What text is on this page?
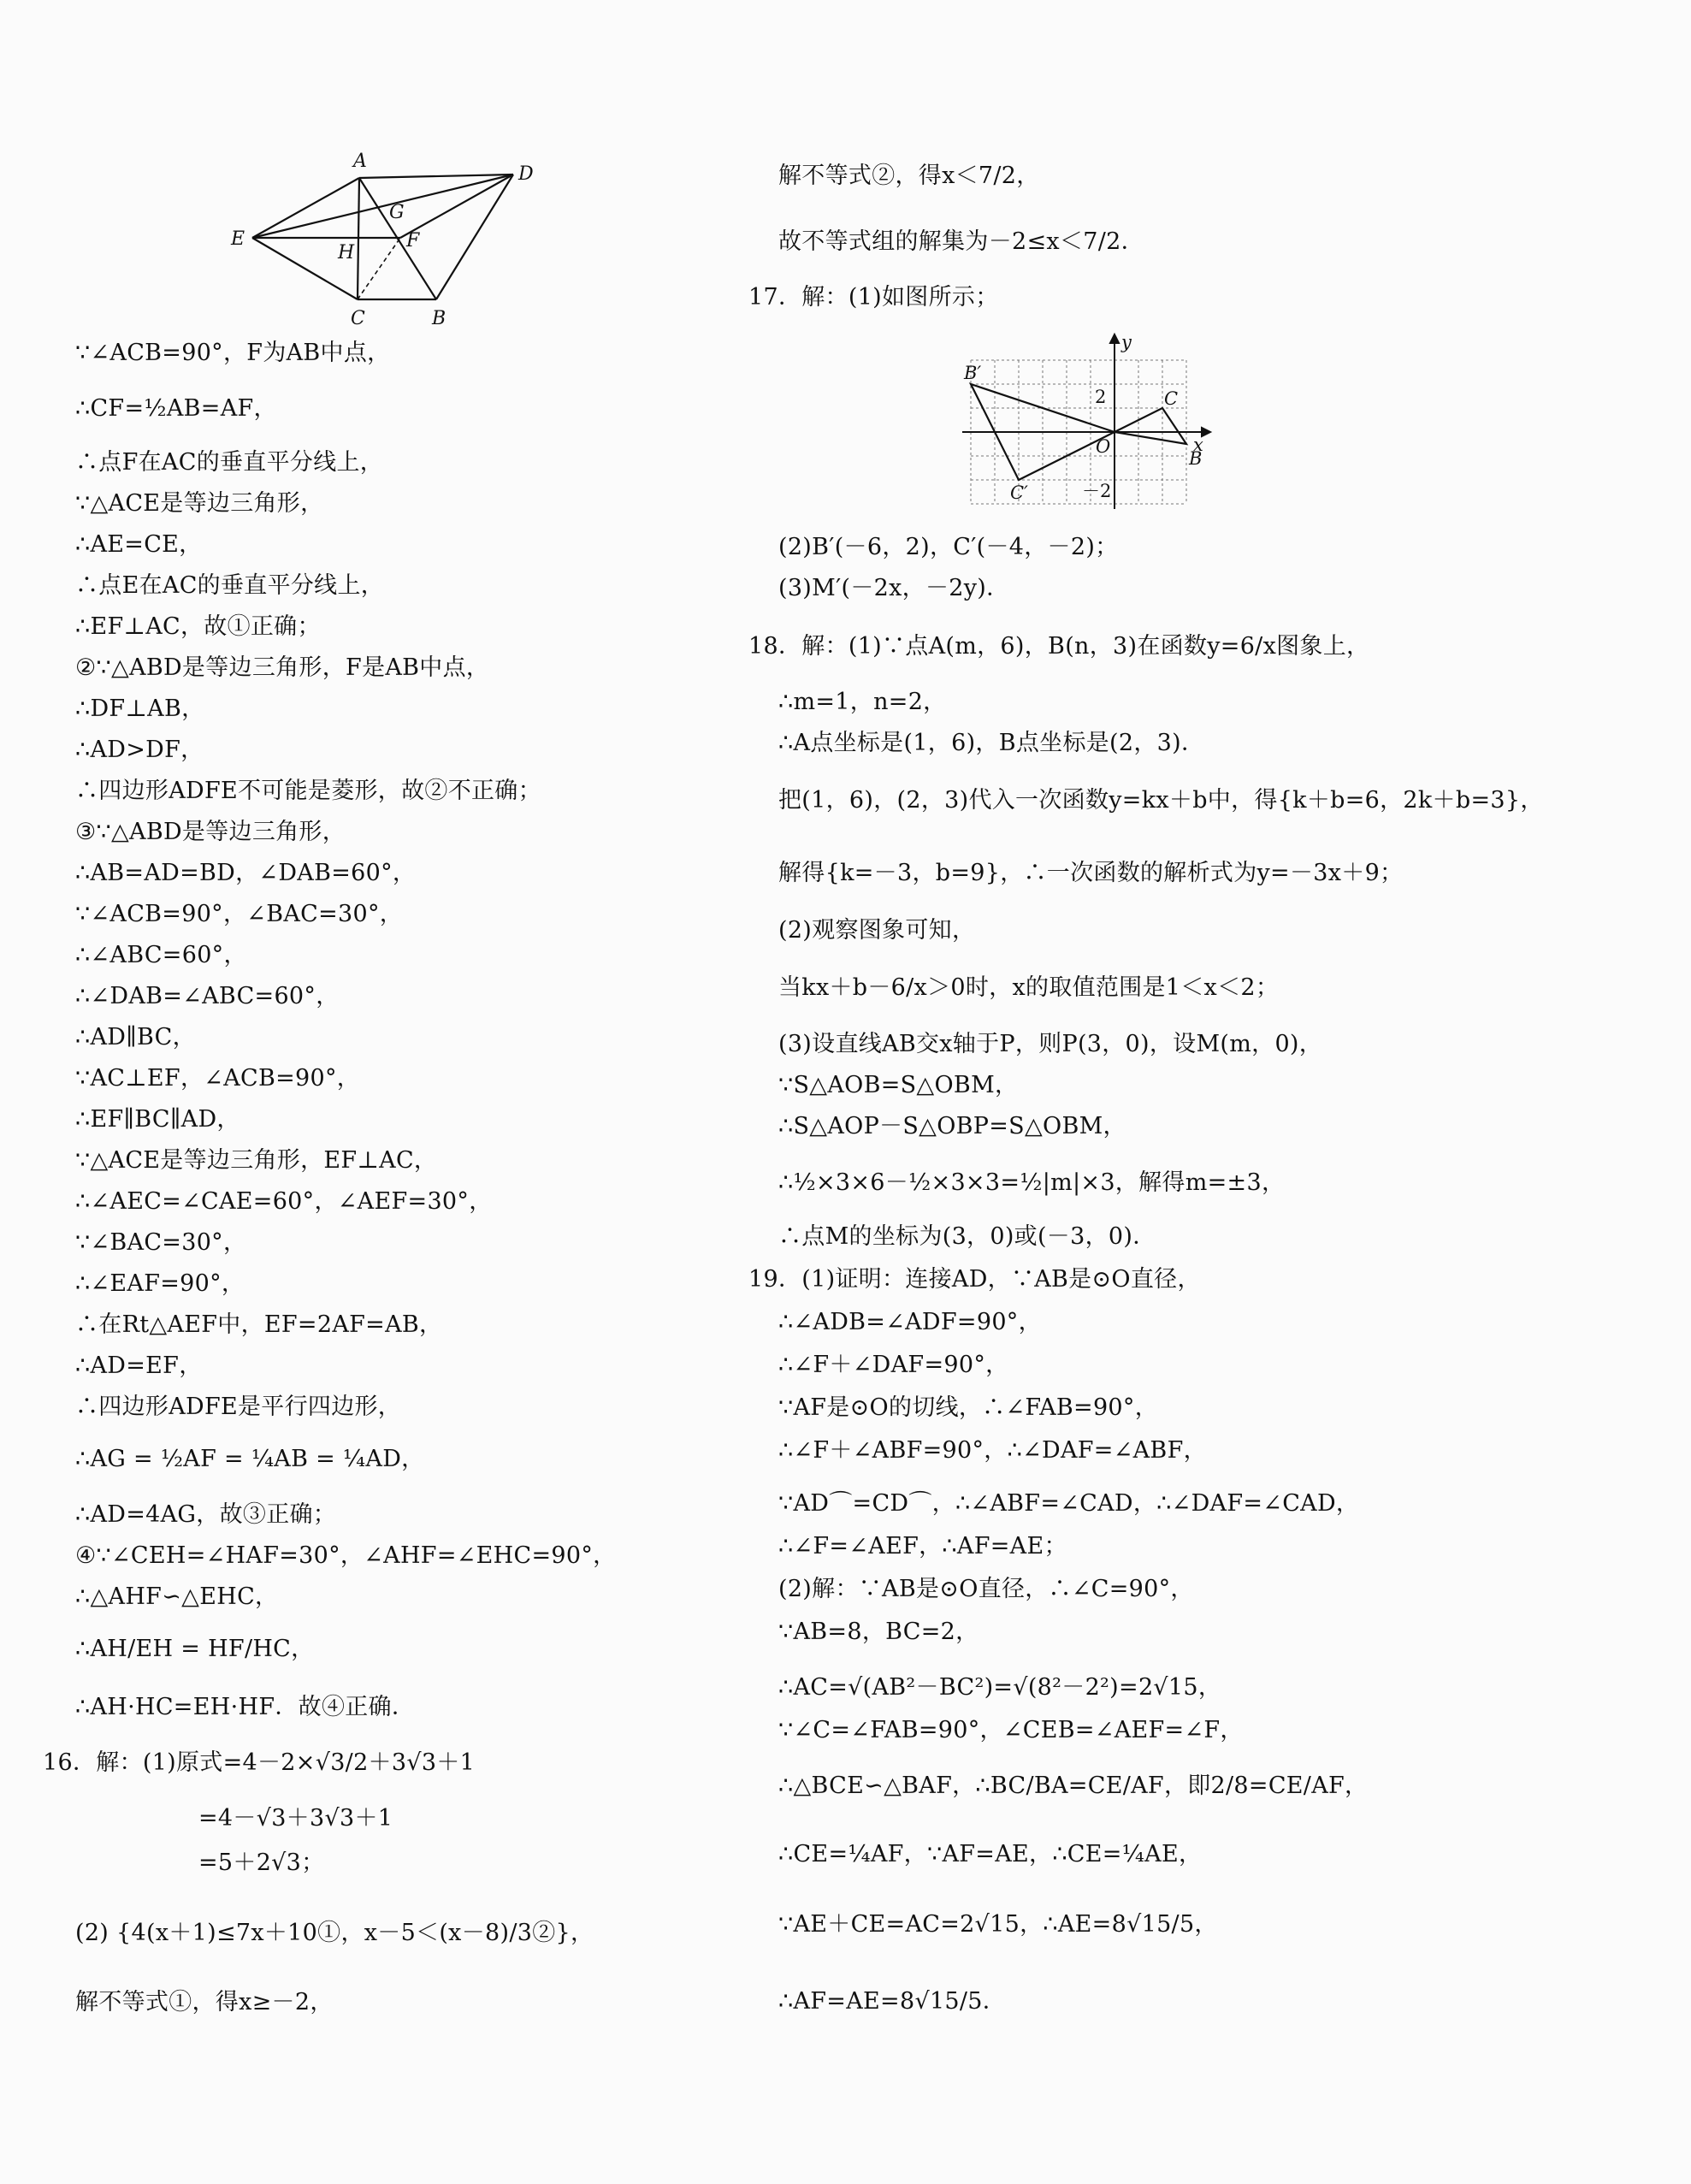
A
D
E
G
H
F
C	B
∵∠ACB=90°，F为AB中点，
∴CF=½AB=AF，
∴点F在AC的垂直平分线上，
∵△ACE是等边三角形，
∴AE=CE，
∴点E在AC的垂直平分线上，
∴EF⊥AC，故①正确；
②∵△ABD是等边三角形，F是AB中点，
∴DF⊥AB，
∴AD>DF，
∴四边形ADFE不可能是菱形，故②不正确；
③∵△ABD是等边三角形，
∴AB=AD=BD，∠DAB=60°，
∵∠ACB=90°，∠BAC=30°，
∴∠ABC=60°，
∴∠DAB=∠ABC=60°，
∴AD∥BC，
∵AC⊥EF，∠ACB=90°，
∴EF∥BC∥AD，
∵△ACE是等边三角形，EF⊥AC，
∴∠AEC=∠CAE=60°，∠AEF=30°，
∵∠BAC=30°，
∴∠EAF=90°，
∴在Rt△AEF中，EF=2AF=AB，
∴AD=EF，
∴四边形ADFE是平行四边形，
∴AG = ½AF = ¼AB = ¼AD，
∴AD=4AG，故③正确；
④∵∠CEH=∠HAF=30°，∠AHF=∠EHC=90°，
∴△AHF∽△EHC，
∴AH/EH = HF/HC，
∴AH·HC=EH·HF．故④正确．
16．解：(1)原式=4－2×√3/2＋3√3＋1
=4－√3＋3√3＋1
=5＋2√3；
(2) {4(x＋1)≤7x＋10①，x－5＜(x－8)/3②}，
解不等式①，得x≥－2，
解不等式②，得x＜7/2，
故不等式组的解集为－2≤x＜7/2．
17．解：(1)如图所示；
(2)B′(－6，2)，C′(－4，－2)；
(3)M′(－2x，－2y)．
18．解：(1)∵点A(m，6)，B(n，3)在函数y=6/x图象上，
∴m=1，n=2，
∴A点坐标是(1，6)，B点坐标是(2，3)．
把(1，6)，(2，3)代入一次函数y=kx＋b中，得{k＋b=6，2k＋b=3}，
解得{k=－3，b=9}，∴一次函数的解析式为y=－3x＋9；
(2)观察图象可知，
当kx＋b－6/x＞0时，x的取值范围是1＜x＜2；
(3)设直线AB交x轴于P，则P(3，0)，设M(m，0)，
∵S△AOB=S△OBM，
∴S△AOP－S△OBP=S△OBM，
∴½×3×6－½×3×3=½|m|×3，解得m=±3，
∴点M的坐标为(3，0)或(－3，0)．
19．(1)证明：连接AD，∵AB是⊙O直径，
∴∠ADB=∠ADF=90°，
∴∠F＋∠DAF=90°，
∵AF是⊙O的切线，∴∠FAB=90°，
∴∠F＋∠ABF=90°，∴∠DAF=∠ABF，
∵AD⌒=CD⌒，∴∠ABF=∠CAD，∴∠DAF=∠CAD，
∴∠F=∠AEF，∴AF=AE；
(2)解：∵AB是⊙O直径，∴∠C=90°，
∵AB=8，BC=2，
∴AC=√(AB²－BC²)=√(8²－2²)=2√15，
∵∠C=∠FAB=90°，∠CEB=∠AEF=∠F，
∴△BCE∽△BAF，∴BC/BA=CE/AF，即2/8=CE/AF，
∴CE=¼AF，∵AF=AE，∴CE=¼AE，
∵AE＋CE=AC=2√15，∴AE=8√15/5，
∴AF=AE=8√15/5．
y
x
O
2
－2
B′
C
C′
B
